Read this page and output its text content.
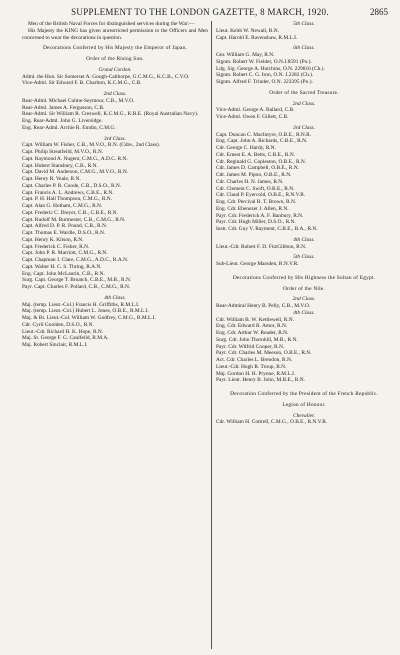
SUPPLEMENT TO THE LONDON GAZETTE, 8 MARCH, 1920.	2865

Men of the British Naval Forces for distinguished services during the War:—

His Majesty the KING has given unrestricted permission to the Officers and Men concerned to wear the decorations in question.

Decorations Conferred by His Majesty the Emperor of Japan.

Order of the Rising Sun.

Grand Cordon.

Adml. the Hon. Sir Somerset A. Gough-Calthorpe, G.C.M.G., K.C.B., C.V.O.

Vice-Adml. Sir Edward F. B. Charlton, K.C.M.G., C.B.

2nd Class.

Rear-Adml. Michael Culme-Seymour, C.B., M.V.O.

Rear-Adml. James A. Fergusson, C.B.

Rear-Adml. Sir William R. Creswell, K.C.M.G., K.B.E. (Royal Australian Navy).

Eng. Rear-Adml. John G. Liversidge.

Eng. Rear-Adml. Archie R. Emdin, C.M.G.

3rd Class.

Capt. William W. Fisher, C.B., M.V.O., R.N. (Cdre., 2nd Class).

Capt. Philip Streatfeild, M.V.O., R.N.

Capt. Raymond A. Nugent, C.M.G., A.D.C. R.N.

Capt. Hubert Stansbury, C.B., R.N.

Capt. David M. Anderson, C.M.G., M.V.O., R.N.

Capt. Henry R. Veale, R.N.

Capt. Charles P. R. Coode, C.B., D.S.O., R.N.

Capt. Francis A. L. Andrews, C.B.E., R.N.

Capt. P. H. Hall Thompson, C.M.G., R.N.

Capt. Alan G. Hotham, C.M.G., R.N.

Capt. Frederic C. Dreyer, C.B., C.B.E., R.N.

Capt. Rudolf M. Burmester, C.B., C.M.G., R.N.

Capt. Alfred D. P. R. Pound, C.B., R.N.

Capt. Thomas E. Wardle, D.S.O., R.N.

Capt. Henry K. Kitson, R.N.

Capt. Frederick C. Fisher, R.N.

Capt. John P. R. Marriott, C.M.G., R.N.

Capt. Chapman J. Clare, C.M.G., A.D.C., R.A.N.

Capt. Walter H. C. S. Thring, R.A.N.

Eng. Capt. John McLaurin, C.B., R.N.

Surg. Capt. George T. Broatch, C.B.E., M.B., R.N.

Payr. Capt. Charles F. Pollard, C.B., C.M.G., R.N.

4th Class.

Maj. (temp. Lieut.-Col.) Francis H. Griffiths, R.M.L.I.

Maj. (temp. Lieut.-Col.) Hubert L. Jones, O.B.E., R.M.L.I.

Maj. & Bt. Lieut.-Col. William W. Godfrey, C.M.G., R.M.L.I.

Cdr. Cyril Goolden, D.S.O., R.N.

Lieut.-Cdr. Richard H. K. Hope, R.N.

Maj. St. George F. G. Caulfeild, R.M.A.

Maj. Robert Sinclair, R.M.L.I.

5th Class.

Lieut. Keith W. Newall, R.N.

Capt. Harold E. Ravenshaw, R.M.L.I.

6th Class.

Gnr. William G. May, R.N.

Signm. Robert W. Fielder, O.N.J.8591 (Po.).

Ldg. Sig. George A. Hutchins, O.N. 229816 (Ch.).

Signm. Robert C. G. Iron, O.N. J.2282 (Ch.).

Signm. Alfred F. Trinder, O.N. 223395 (Po.).

Order of the Sacred Treasure.

2nd Class.

Vice-Adml. George A. Ballard, C.B.

Vice-Adml. Owen F. Gillett, C.B.

3rd Class.

Capt. Duncan C. MacIntyre, O.B.E., R.N.R.

Eng. Capt. John A. Richards, C.B.E., R.N.

Cdr. George C. Hardy, R.N.

Cdr. Ernest E. A. Betts, C.B.E., R.N.

Cdr. Reginald G. Copleston, O.B.E., R.N.

Cdr. James D. Campbell, O.B.E., R.N.

Cdr. James M. Pipon, O.B.E., R.N.

Cdr. Charles H. N. James, R.N.

Cdr. Clement C. Swift, O.B.E., R.N.

Cdr. Claud P. Eyercold, O.B.E., R.N.V.R.

Eng. Cdr. Percival R. T. Brown, R.N.

Eng. Cdr. Ebenezer J. Allen, R.N.

Payr. Cdr. Frederick A. F. Banbury, R.N.

Payr. Cdr. Hugh Miller, D.S.O., R.N.

Instr. Cdr. Guy V. Rayment, C.B.E., B.A., R.N.

4th Class.

Lieut.-Cdr. Robert F. D. FitzGibbon, R.N.

5th Class.

Sub-Lieut. George Marsden, R.N.V.R.

Decorations Conferred by His Highness the Sultan of Egypt.

Order of the Nile.

2nd Class.

Rear-Admiral Henry B. Pelly, C.B., M.V.O.

4th Class.

Cdr. William B. W. Kettlewell, R.N.

Eng. Cdr. Edward R. Amor, R.N.

Eng. Cdr. Arthur W. Reader, R.N.

Surg. Cdr. John Thornhill, M.B., R.N.

Payr. Cdr. Wilfrid Cooper, R.N.

Payr. Cdr. Charles M. Meeson, O.B.E., R.N.

Act. Cdr. Charles L. Brendon, R.N.

Lieut.-Cdr. Hugh R. Troup, R.N.

Maj. Gordon H. H. Prynne, R.M.L.I.

Payr. Lieut. Henry B. John, M.B.E., R.N.

Decoration Conferred by the President of the French Republic.

Legion of Honour.

Chevalier.

Cdr. William H. Cottrell, C.M.G., O.B.E., R.N.V.R.
